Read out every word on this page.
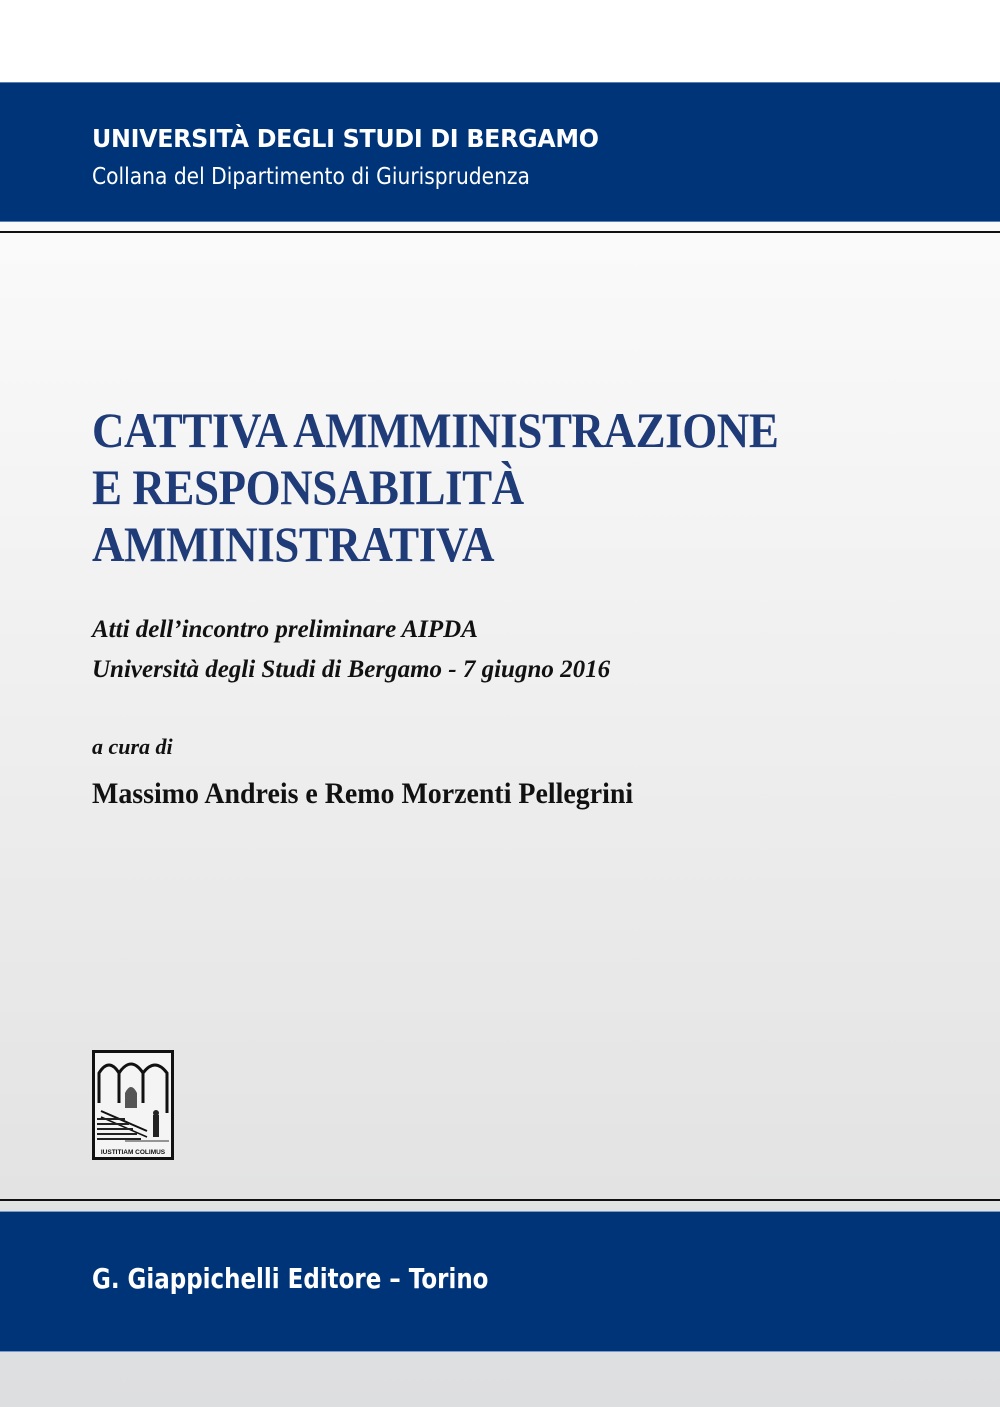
UNIVERSITÀ DEGLI STUDI DI BERGAMO
Collana del Dipartimento di Giurisprudenza
CATTIVA AMMMINISTRAZIONE
E RESPONSABILITÀ
AMMINISTRATIVA
Atti dell’incontro preliminare AIPDA
Università degli Studi di Bergamo - 7 giugno 2016
a cura di
Massimo Andreis e Remo Morzenti Pellegrini
IUSTITIAM COLIMUS
G. Giappichelli Editore – Torino
